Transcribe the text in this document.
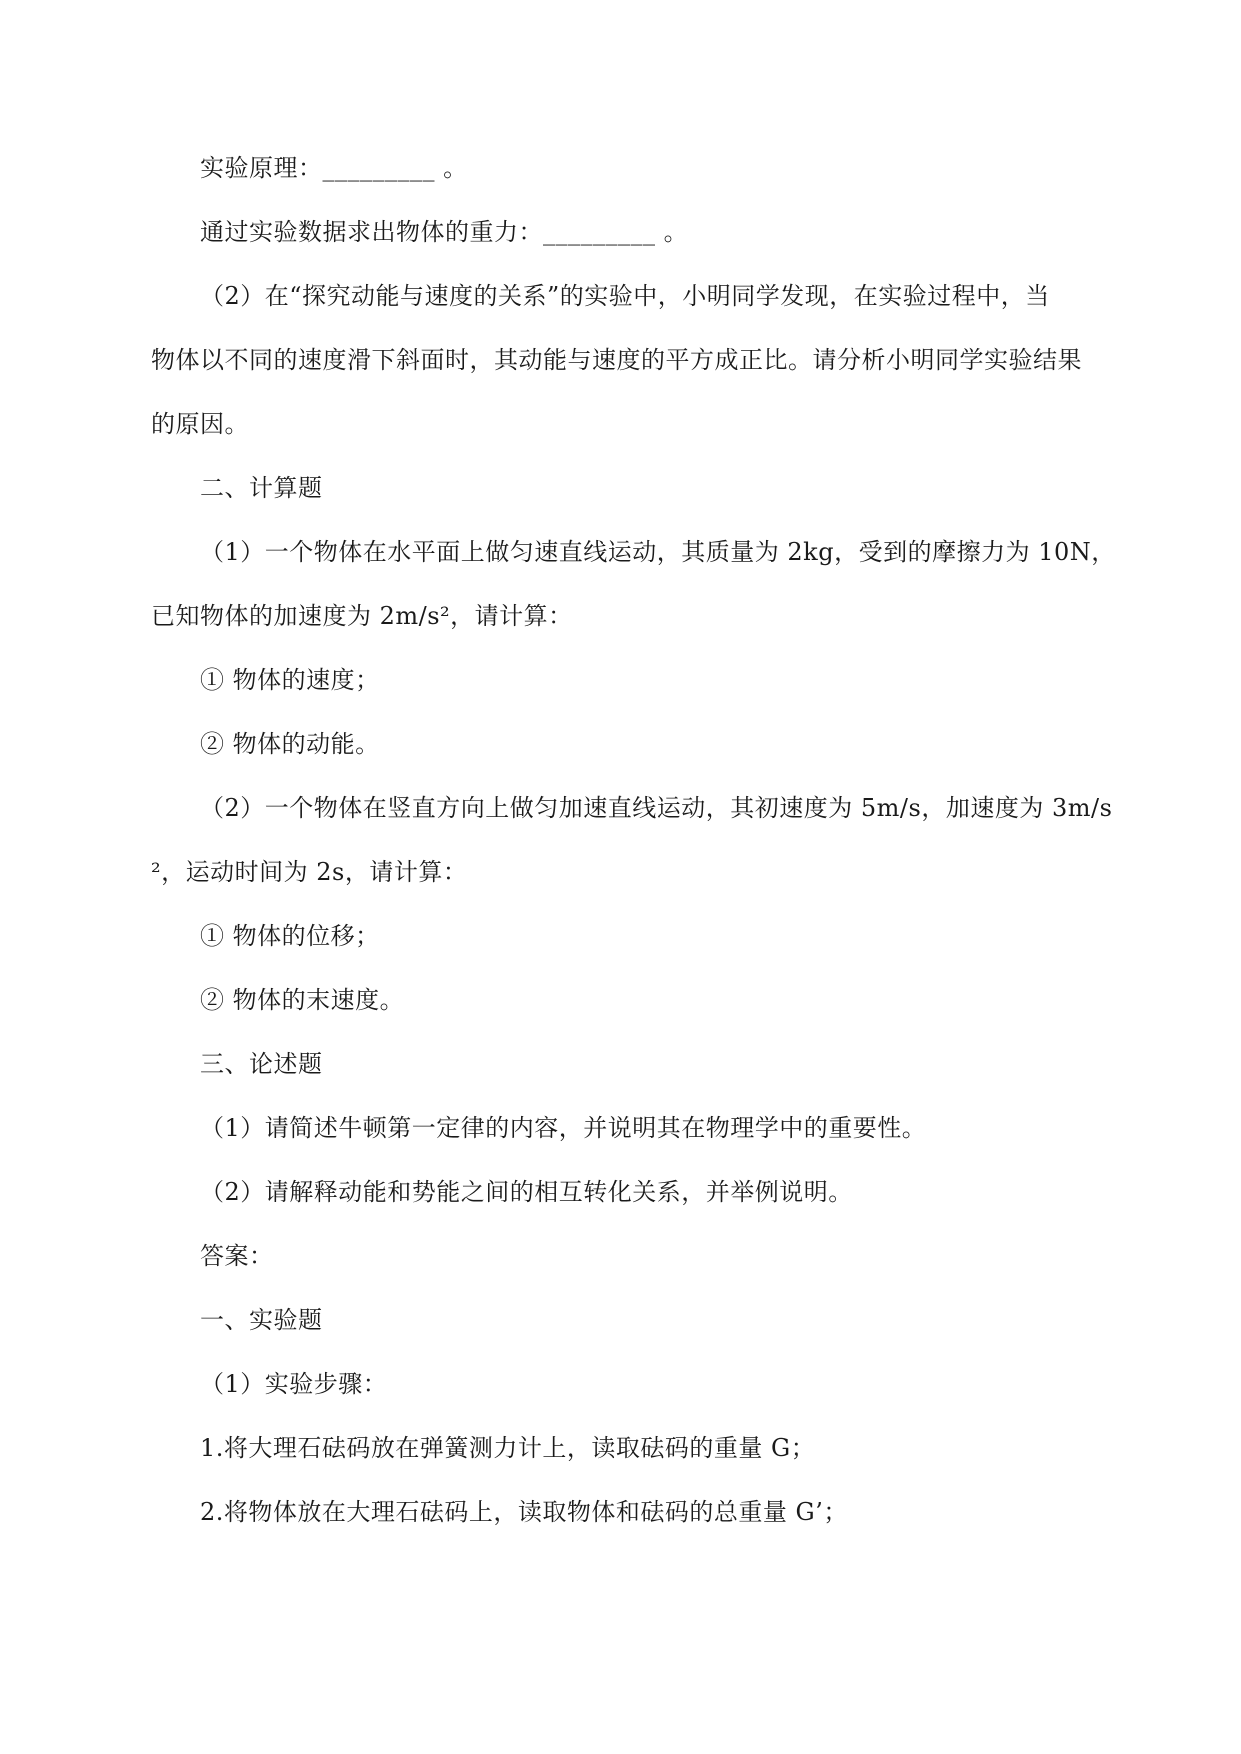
实验原理：_________ 。
通过实验数据求出物体的重力：_________ 。
（2）在“探究动能与速度的关系”的实验中，小明同学发现，在实验过程中，当
物体以不同的速度滑下斜面时，其动能与速度的平方成正比。请分析小明同学实验结果
的原因。
二、计算题
（1）一个物体在水平面上做匀速直线运动，其质量为 2kg，受到的摩擦力为 10N，
已知物体的加速度为 2m/s²，请计算：
① 物体的速度；
② 物体的动能。
（2）一个物体在竖直方向上做匀加速直线运动，其初速度为 5m/s，加速度为 3m/s
²，运动时间为 2s，请计算：
① 物体的位移；
② 物体的末速度。
三、论述题
（1）请简述牛顿第一定律的内容，并说明其在物理学中的重要性。
（2）请解释动能和势能之间的相互转化关系，并举例说明。
答案：
一、实验题
（1）实验步骤：
1.将大理石砝码放在弹簧测力计上，读取砝码的重量 G；
2.将物体放在大理石砝码上，读取物体和砝码的总重量 G’；
